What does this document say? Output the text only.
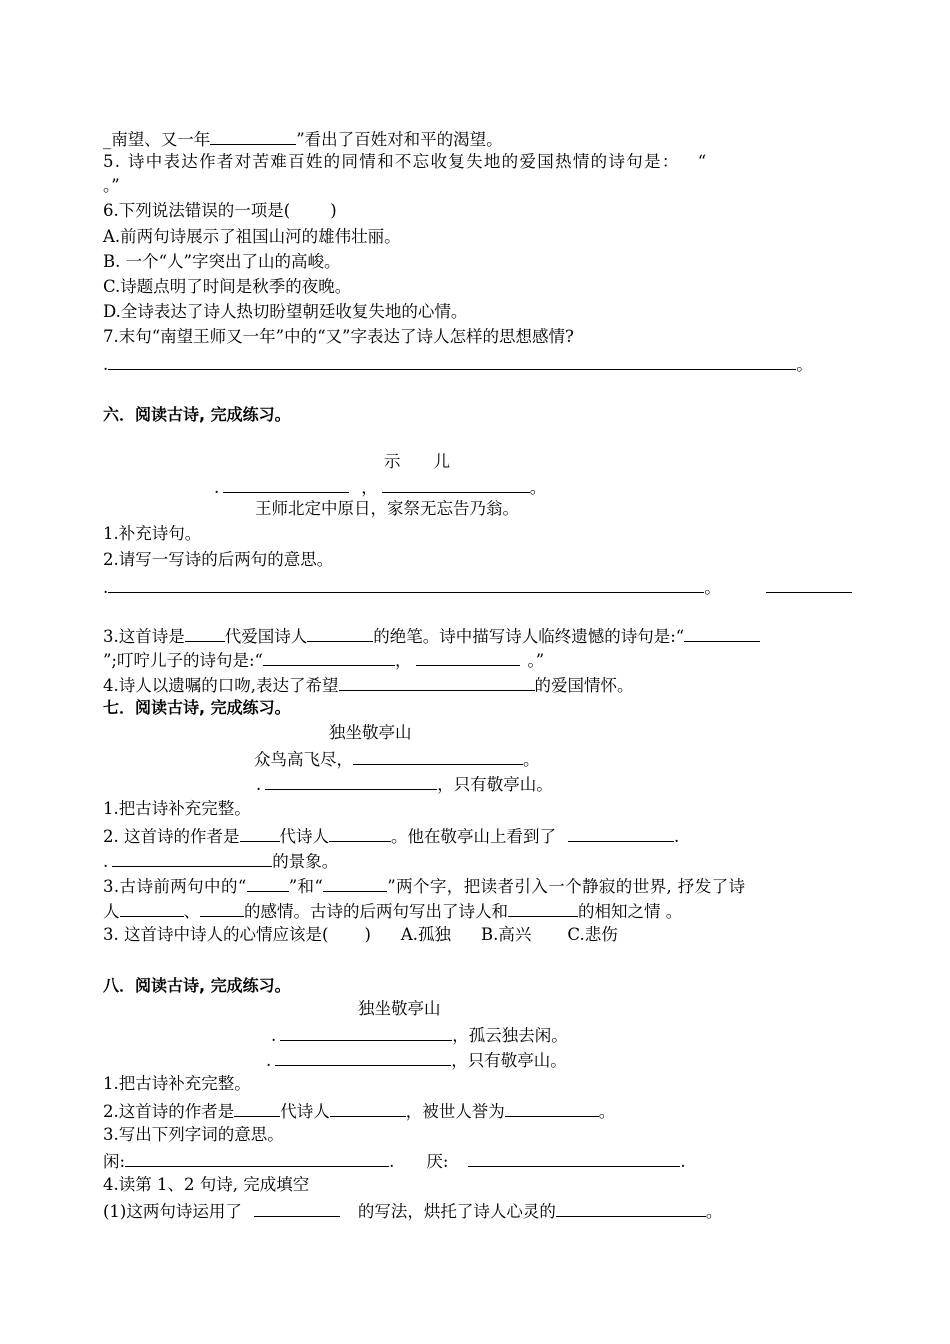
_南望、又一年	”看出了百姓对和平的渴望。
5. 诗中表达作者对苦难百姓的同情和不忘收复失地的爱国热情的诗句是： “
。”
6.下列说法错误的一项是( )
A.前两句诗展示了祖国山河的雄伟壮丽。
B. 一个“人”字突出了山的高峻。
C.诗题点明了时间是秋季的夜晚。
D.全诗表达了诗人热切盼望朝廷收复失地的心情。
7.末句“南望王师又一年”中的“又”字表达了诗人怎样的思想感情?
.	。
六．阅读古诗, 完成练习。
示　　儿
.	，	。
王师北定中原日，家祭无忘告乃翁。
1.补充诗句。
2.请写一写诗的后两句的意思。
.	。
3.这首诗是 代爱国诗人	的绝笔。诗中描写诗人临终遗憾的诗句是:“
”;叮咛儿子的诗句是:“	，	。”
4.诗人以遗嘱的口吻,表达了希望	的爱国情怀。
七．阅读古诗, 完成练习。
独坐敬亭山
众鸟高飞尽，	。
.	，只有敬亭山。
1.把古诗补充完整。
2. 这首诗的作者是 代诗人	。他在敬亭山上看到了	.
.	的景象。
3.古诗前两句中的“	”和“	”两个字，把读者引入一个静寂的世界, 抒发了诗
人	、	的感情。古诗的后两句写出了诗人和	的相知之情 。
3. 这首诗中诗人的心情应该是( ) A.孤独 B.高兴 C.悲伤
八．阅读古诗, 完成练习。
独坐敬亭山
.	，孤云独去闲。
.	，只有敬亭山。
1.把古诗补充完整。
2.这首诗的作者是	代诗人	，被世人誉为	。
3.写出下列字词的意思。
闲:	. 厌:	.
4.读第 1、2 句诗, 完成填空
(1)这两句诗运用了	的写法，烘托了诗人心灵的	。
